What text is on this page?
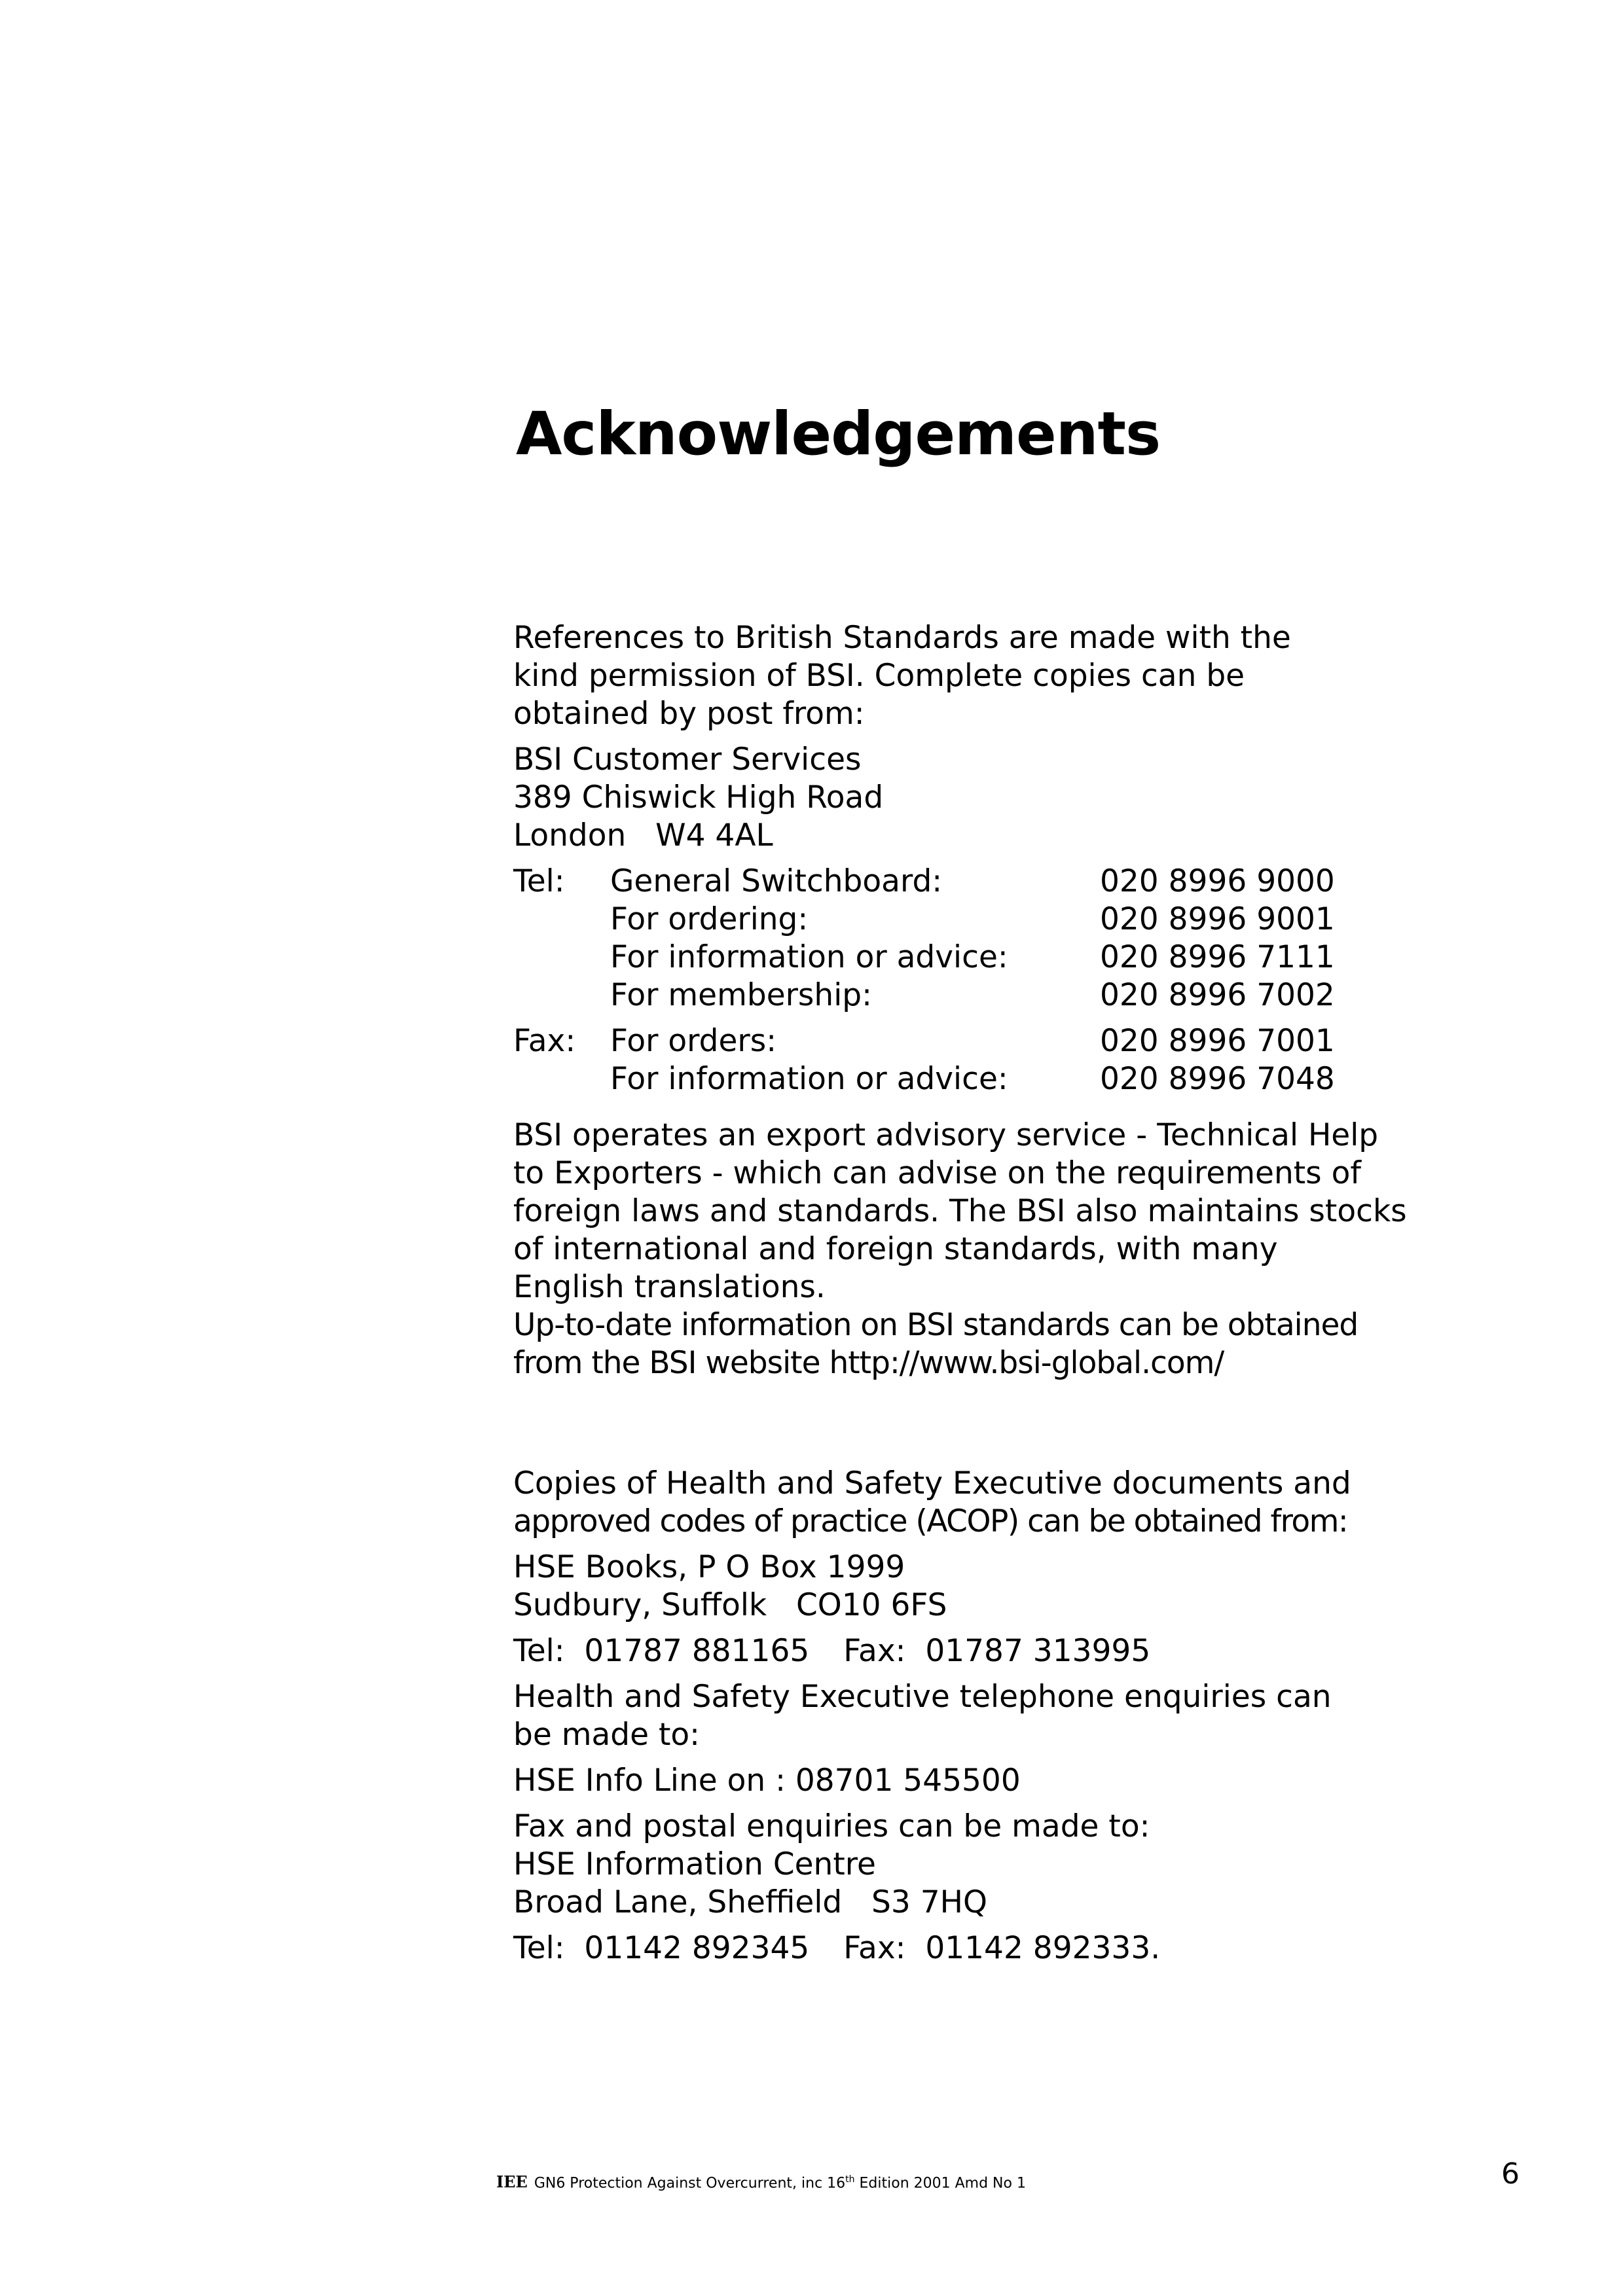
Acknowledgements

References to British Standards are made with the
kind permission of BSI. Complete copies can be
obtained by post from:

BSI Customer Services
389 Chiswick High Road
London   W4 4AL

Tel:	General Switchboard:	020 8996 9000
	For ordering:	020 8996 9001
	For information or advice:	020 8996 7111
	For membership:	020 8996 7002
Fax:	For orders:	020 8996 7001
	For information or advice:	020 8996 7048

BSI operates an export advisory service - Technical Help
to Exporters - which can advise on the requirements of
foreign laws and standards. The BSI also maintains stocks
of international and foreign standards, with many
English translations.
Up-to-date information on BSI standards can be obtained
from the BSI website http://www.bsi-global.com/

Copies of Health and Safety Executive documents and
approved codes of practice (ACOP) can be obtained from:

HSE Books, P O Box 1999
Sudbury, Suffolk   CO10 6FS

Tel:  01787 881165 Fax:  01787 313995

Health and Safety Executive telephone enquiries can
be made to:

HSE Info Line on : 08701 545500

Fax and postal enquiries can be made to:

HSE Information Centre
Broad Lane, Sheffield   S3 7HQ

Tel:  01142 892345 Fax:  01142 892333.

IEE GN6 Protection Against Overcurrent, inc 16th Edition 2001 Amd No 1	6
